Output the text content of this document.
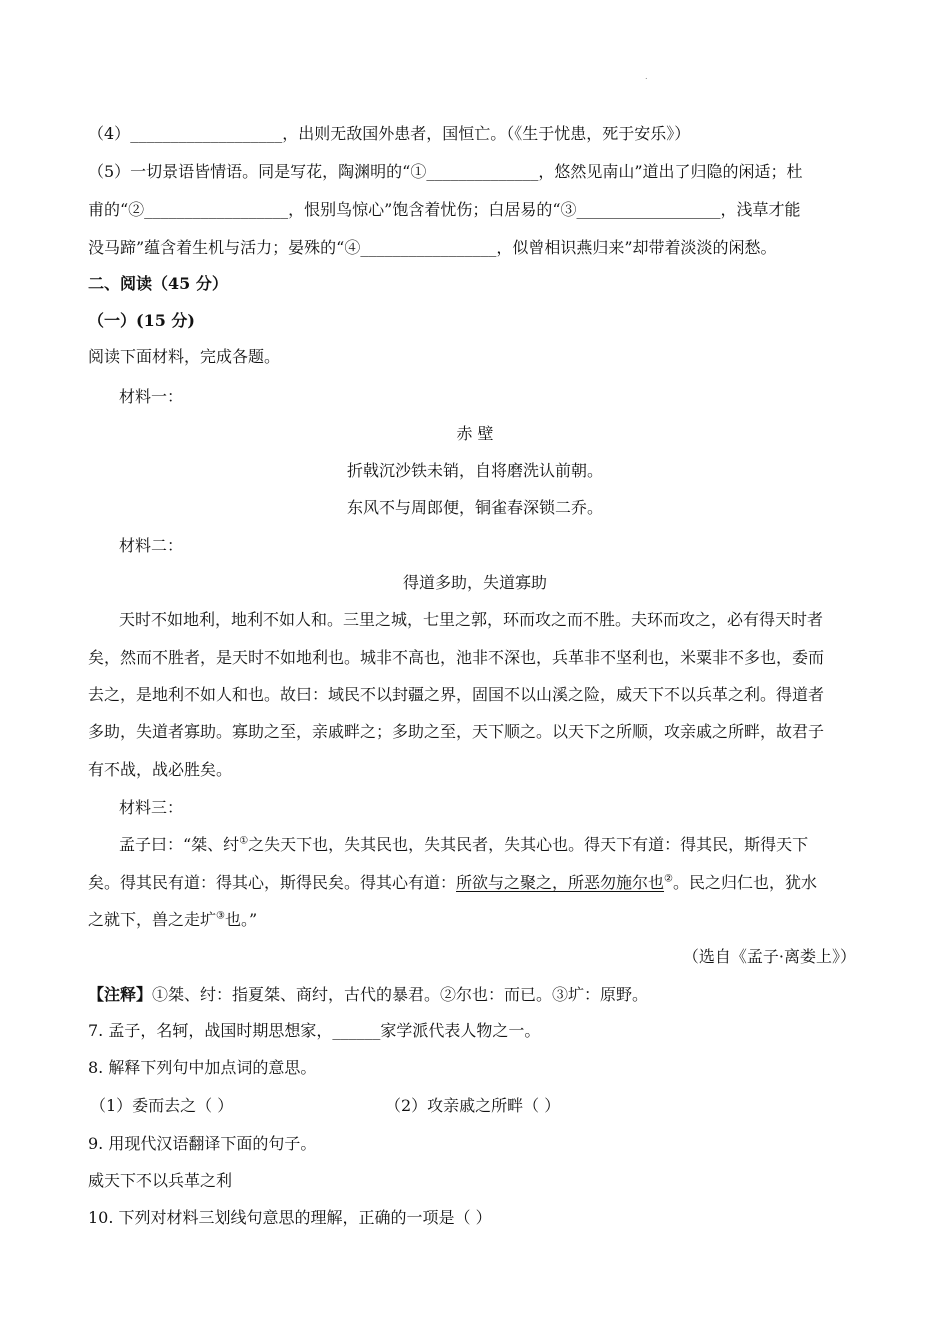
.
（4）___________________，出则无敌国外患者，国恒亡。（《生于忧患，死于安乐》）
（5）一切景语皆情语。同是写花，陶渊明的“①______________，悠然见南山”道出了归隐的闲适；杜
甫的“②__________________，恨别鸟惊心”饱含着忧伤；白居易的“③__________________，浅草才能
没马蹄”蕴含着生机与活力；晏殊的“④_________________，似曾相识燕归来”却带着淡淡的闲愁。
二、阅读（45 分）
（一）(15 分)
阅读下面材料，完成各题。
材料一：
赤 壁
折戟沉沙铁未销，自将磨洗认前朝。
东风不与周郎便，铜雀春深锁二乔。
材料二：
得道多助，失道寡助
天时不如地利，地利不如人和。三里之城，七里之郭，环而攻之而不胜。夫环而攻之，必有得天时者
矣，然而不胜者，是天时不如地利也。城非不高也，池非不深也，兵革非不坚利也，米粟非不多也，委而
去之，是地利不如人和也。故曰：域民不以封疆之界，固国不以山溪之险，威天下不以兵革之利。得道者
多助，失道者寡助。寡助之至，亲戚畔之；多助之至，天下顺之。以天下之所顺，攻亲戚之所畔，故君子
有不战，战必胜矣。
材料三：
孟子曰：“桀、纣①之失天下也，失其民也，失其民者，失其心也。得天下有道：得其民，斯得天下
矣。得其民有道：得其心，斯得民矣。得其心有道：所欲与之聚之，所恶勿施尔也②。民之归仁也，犹水
之就下，兽之走圹③也。”
（选自《孟子·离娄上》）
【注释】①桀、纣：指夏桀、商纣，古代的暴君。②尔也：而已。③圹：原野。
7. 孟子，名轲，战国时期思想家，______家学派代表人物之一。
8. 解释下列句中加点词的意思。
（1）委而去之（ ）	（2）攻亲戚之所畔（ ）
9. 用现代汉语翻译下面的句子。
威天下不以兵革之利
10. 下列对材料三划线句意思的理解，正确的一项是（ ）
